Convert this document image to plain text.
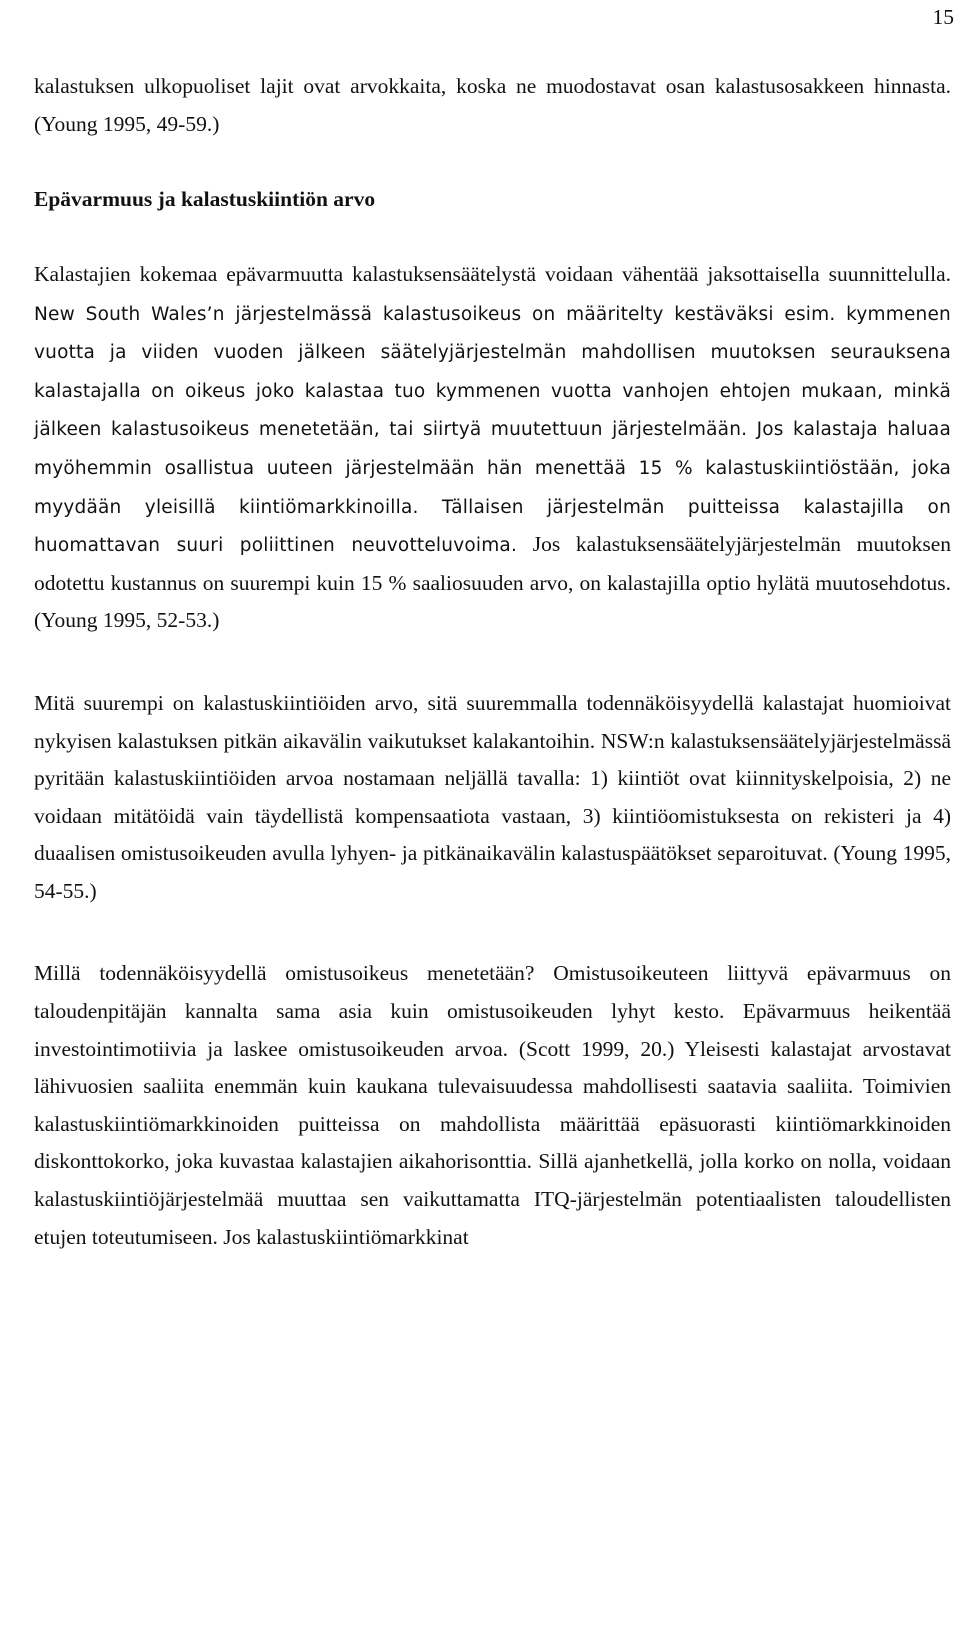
15

kalastuksen ulkopuoliset lajit ovat arvokkaita, koska ne muodostavat osan kalastusosakkeen hinnasta. (Young 1995, 49-59.)

Epävarmuus ja kalastuskiintiön arvo

Kalastajien kokemaa epävarmuutta kalastuksensäätelystä voidaan vähentää jaksottaisella suunnittelulla. New South Wales’n järjestelmässä kalastusoikeus on määritelty kestäväksi esim. kymmenen vuotta ja viiden vuoden jälkeen säätelyjärjestelmän mahdollisen muutoksen seurauksena kalastajalla on oikeus joko kalastaa tuo kymmenen vuotta vanhojen ehtojen mukaan, minkä jälkeen kalastusoikeus menetetään, tai siirtyä muutettuun järjestelmään. Jos kalastaja haluaa myöhemmin osallistua uuteen järjestelmään hän menettää 15 % kalastuskiintiöstään, joka myydään yleisillä kiintiömarkkinoilla. Tällaisen järjestelmän puitteissa kalastajilla on huomattavan suuri poliittinen neuvotteluvoima. Jos kalastuksensäätelyjärjestelmän muutoksen odotettu kustannus on suurempi kuin 15 % saaliosuuden arvo, on kalastajilla optio hylätä muutosehdotus. (Young 1995, 52-53.)

Mitä suurempi on kalastuskiintiöiden arvo, sitä suuremmalla todennäköisyydellä kalastajat huomioivat nykyisen kalastuksen pitkän aikavälin vaikutukset kalakantoihin. NSW:n kalastuksensäätelyjärjestelmässä pyritään kalastuskiintiöiden arvoa nostamaan neljällä tavalla: 1) kiintiöt ovat kiinnityskelpoisia, 2) ne voidaan mitätöidä vain täydellistä kompensaatiota vastaan, 3) kiintiöomistuksesta on rekisteri ja 4) duaalisen omistusoikeuden avulla lyhyen- ja pitkänaikavälin kalastuspäätökset separoituvat. (Young 1995, 54-55.)

Millä todennäköisyydellä omistusoikeus menetetään? Omistusoikeuteen liittyvä epävarmuus on taloudenpitäjän kannalta sama asia kuin omistusoikeuden lyhyt kesto. Epävarmuus heikentää investointimotiivia ja laskee omistusoikeuden arvoa. (Scott 1999, 20.) Yleisesti kalastajat arvostavat lähivuosien saaliita enemmän kuin kaukana tulevaisuudessa mahdollisesti saatavia saaliita. Toimivien kalastuskiintiömarkkinoiden puitteissa on mahdollista määrittää epäsuorasti kiintiömarkkinoiden diskonttokorko, joka kuvastaa kalastajien aikahorisonttia. Sillä ajanhetkellä, jolla korko on nolla, voidaan kalastuskiintiöjärjestelmää muuttaa sen vaikuttamatta ITQ-järjestelmän potentiaalisten taloudellisten etujen toteutumiseen. Jos kalastuskiintiömarkkinat
